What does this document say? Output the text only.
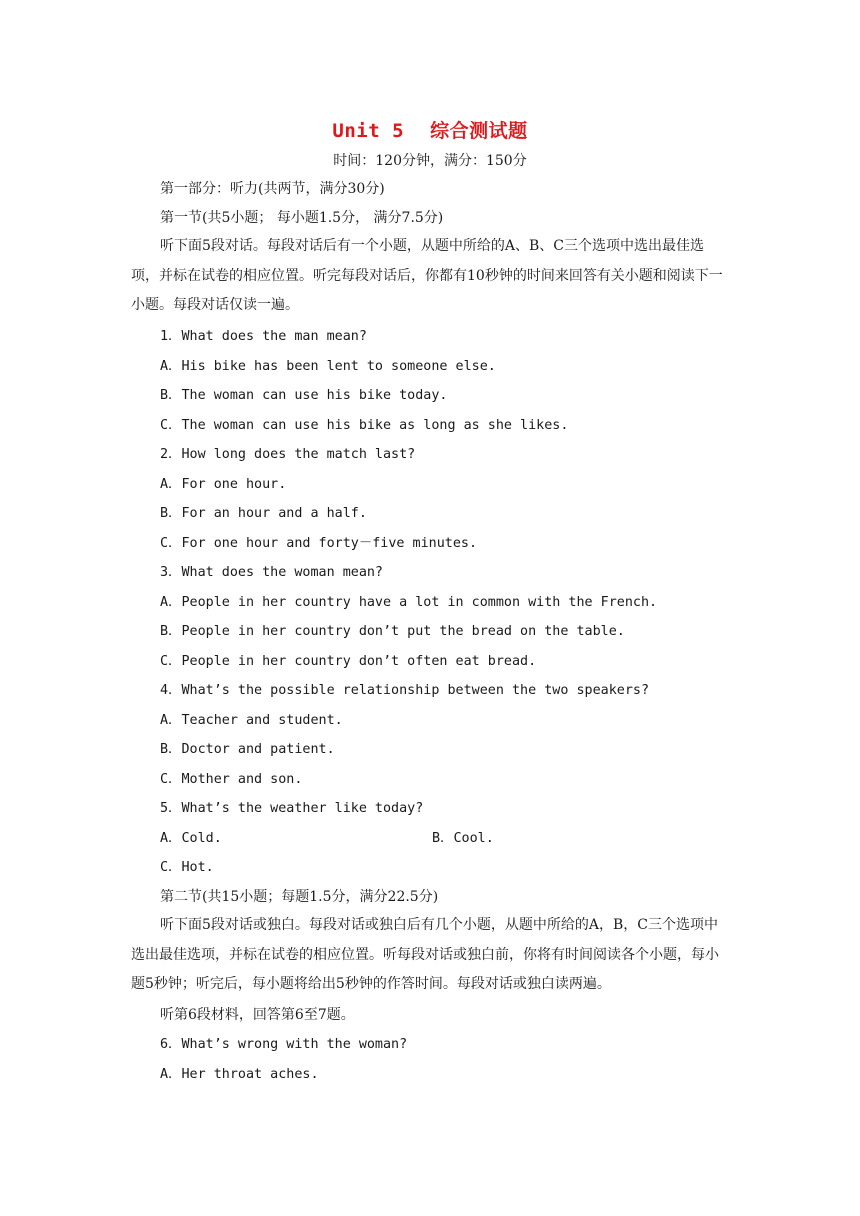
Unit 5 综合测试题
时间：120分钟，满分：150分
第一部分：听力(共两节，满分30分)
第一节(共5小题； 每小题1.5分， 满分7.5分)
听下面5段对话。每段对话后有一个小题，从题中所给的A、B、C三个选项中选出最佳选项，并标在试卷的相应位置。听完每段对话后，你都有10秒钟的时间来回答有关小题和阅读下一小题。每段对话仅读一遍。
1．What does the man mean?
A．His bike has been lent to someone else.
B．The woman can use his bike today.
C．The woman can use his bike as long as she likes.
2．How long does the match last?
A．For one hour.
B．For an hour and a half.
C．For one hour and forty－five minutes.
3．What does the woman mean?
A．People in her country have a lot in common with the French.
B．People in her country don’t put the bread on the table.
C．People in her country don’t often eat bread.
4．What’s the possible relationship between the two speakers?
A．Teacher and student.
B．Doctor and patient.
C．Mother and son.
5．What’s the weather like today?
A．Cold.	B．Cool.
C．Hot.
第二节(共15小题；每题1.5分，满分22.5分)
听下面5段对话或独白。每段对话或独白后有几个小题，从题中所给的A，B，C三个选项中选出最佳选项，并标在试卷的相应位置。听每段对话或独白前，你将有时间阅读各个小题，每小题5秒钟；听完后，每小题将给出5秒钟的作答时间。每段对话或独白读两遍。
听第6段材料，回答第6至7题。
6．What’s wrong with the woman?
A．Her throat aches.
